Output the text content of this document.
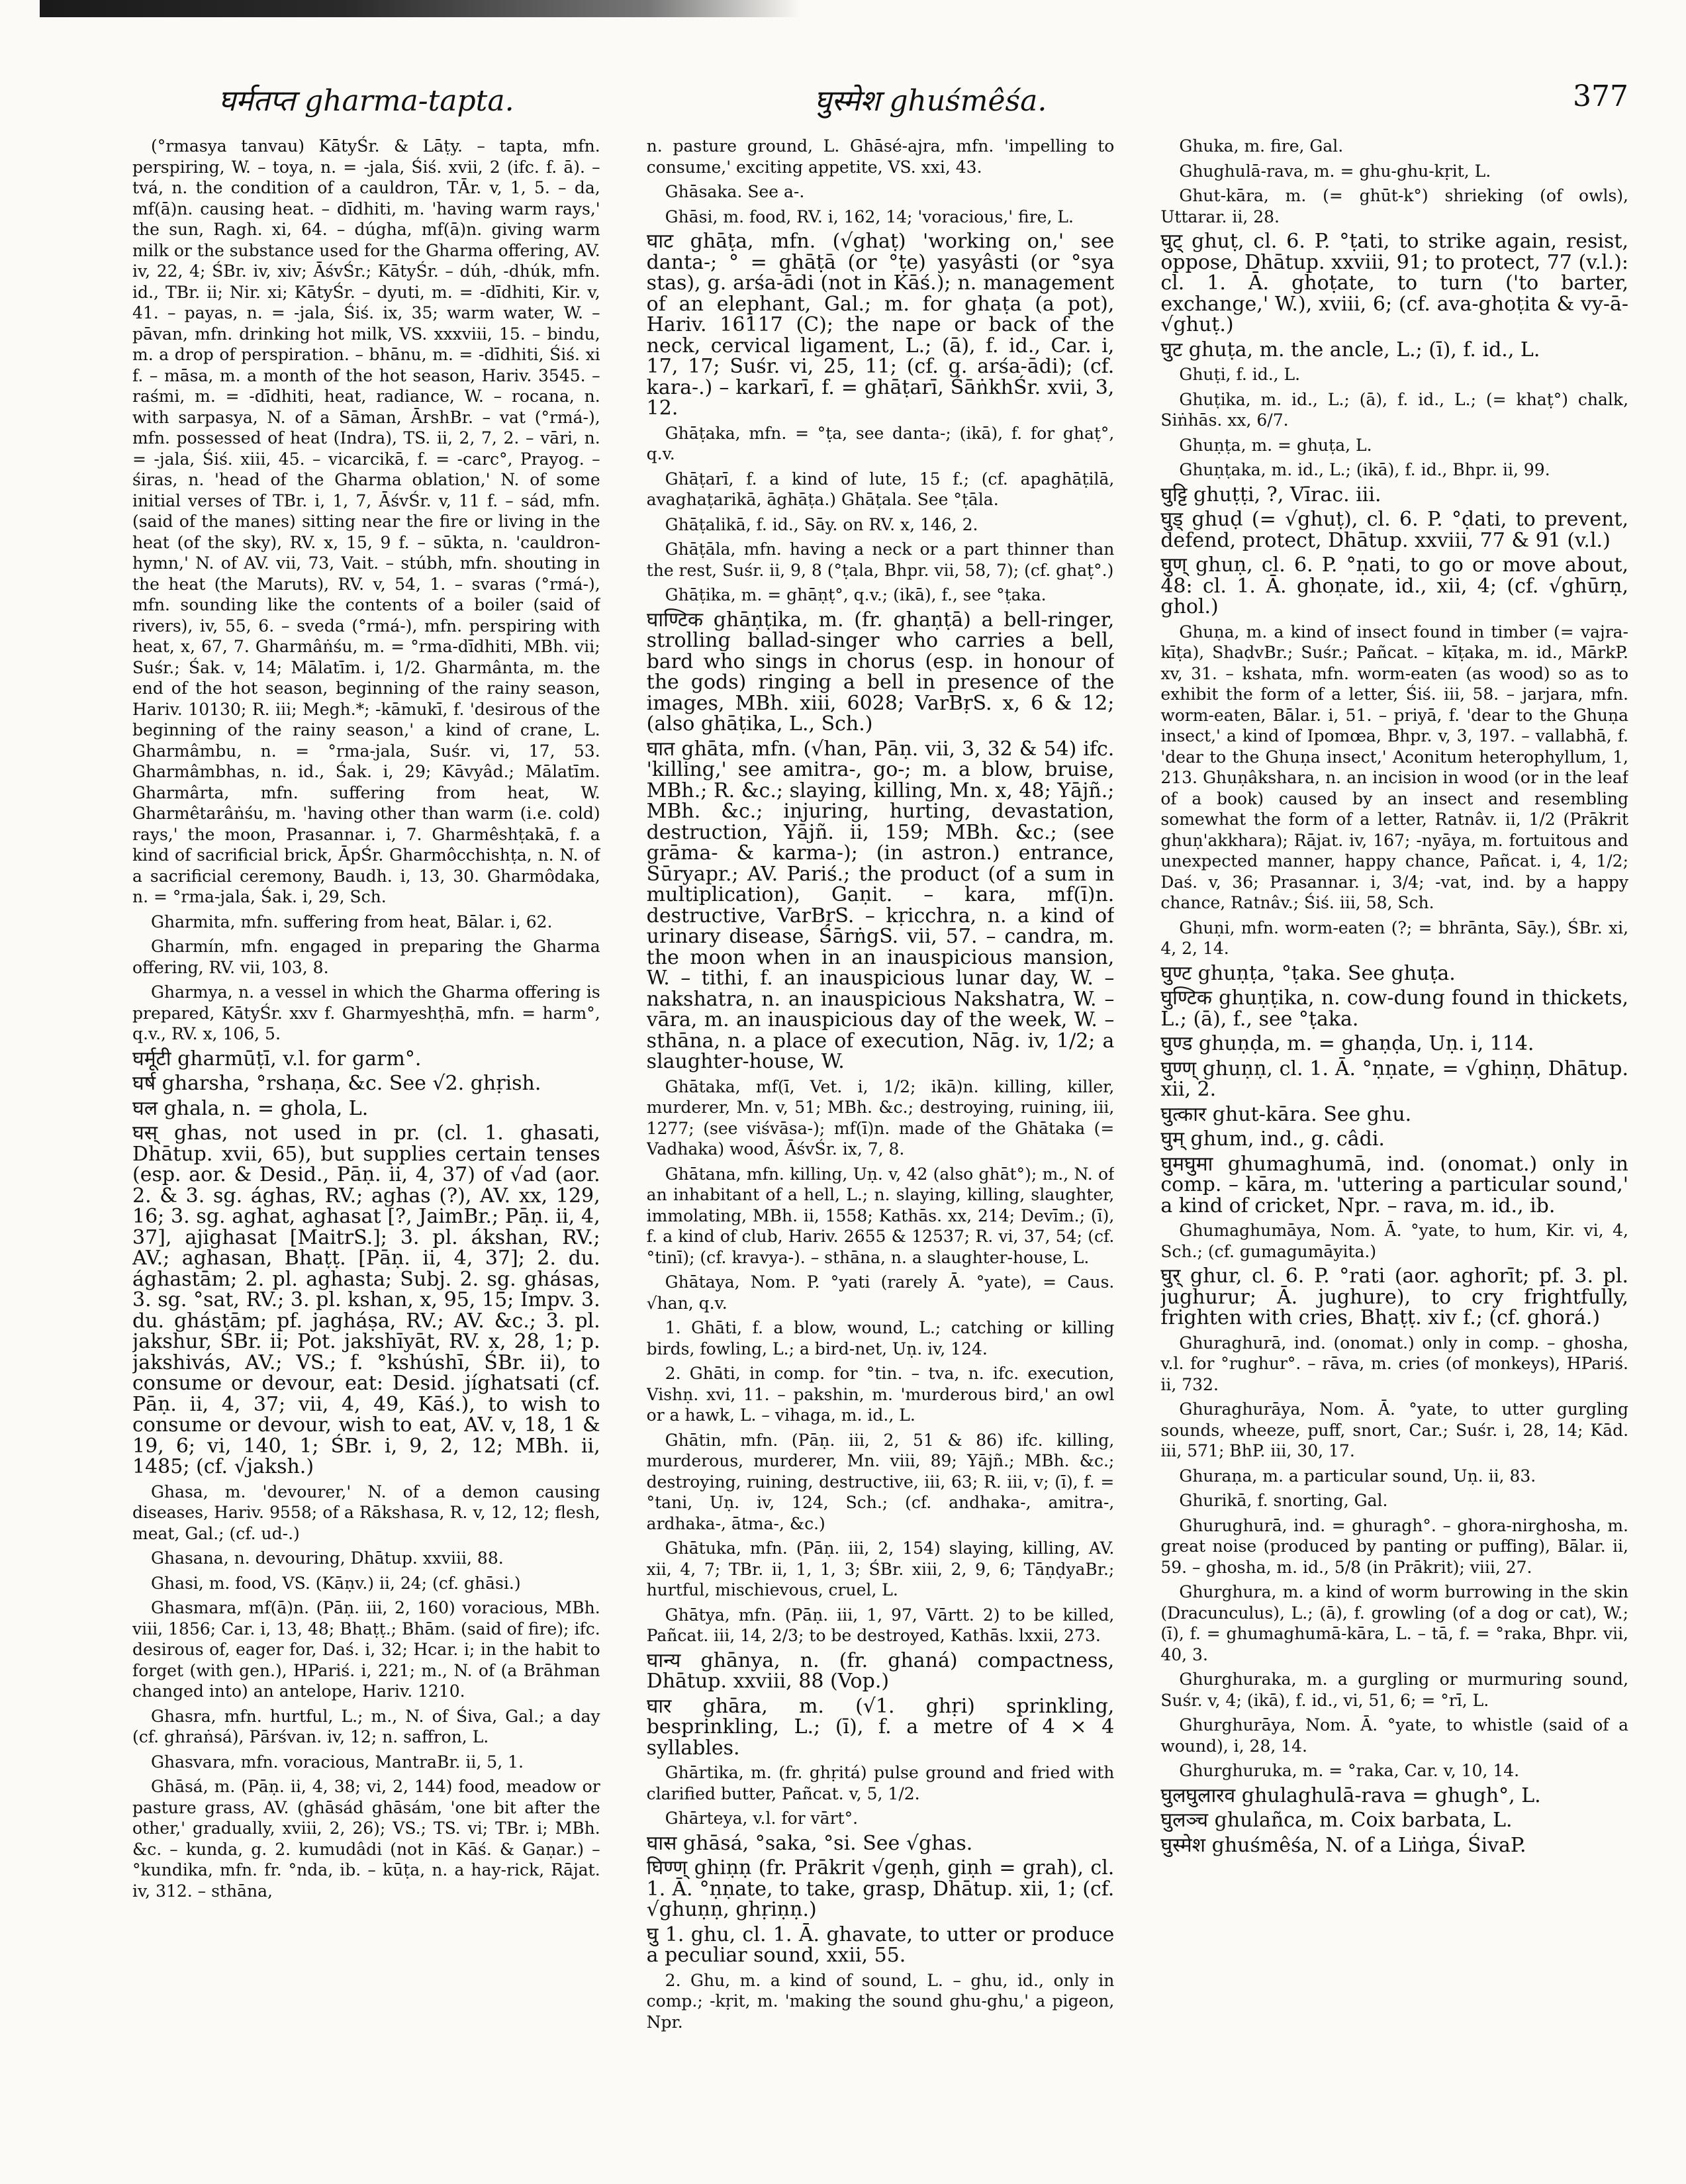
घर्मतप्त gharma-tapta.	घुस्मेश ghuśmêśa.	377

(°rmasya tanvau) KātyŚr. & Lāṭy. – tapta, mfn. perspiring, W. – toya, n. = -jala, Śiś. xvii, 2 (ifc. f. ā). – tvá, n. the condition of a cauldron, TĀr. v, 1, 5. – da, mf(ā)n. causing heat. – dīdhiti, m. 'having warm rays,' the sun, Ragh. xi, 64. – dúgha, mf(ā)n. giving warm milk or the substance used for the Gharma offering, AV. iv, 22, 4; ŚBr. iv, xiv; ĀśvŚr.; KātyŚr. – dúh, -dhúk, mfn. id., TBr. ii; Nir. xi; KātyŚr. – dyuti, m. = -dīdhiti, Kir. v, 41. – payas, n. = -jala, Śiś. ix, 35; warm water, W. – pāvan, mfn. drinking hot milk, VS. xxxviii, 15. – bindu, m. a drop of perspiration. – bhānu, m. = -dīdhiti, Śiś. xi f. – māsa, m. a month of the hot season, Hariv. 3545. – raśmi, m. = -dīdhiti, heat, radiance, W. – rocana, n. with sarpasya, N. of a Sāman, ĀrshBr. – vat (°rmá-), mfn. possessed of heat (Indra), TS. ii, 2, 7, 2. – vāri, n. = -jala, Śiś. xiii, 45. – vicarcikā, f. = -carc°, Prayog. – śiras, n. 'head of the Gharma oblation,' N. of some initial verses of TBr. i, 1, 7, ĀśvŚr. v, 11 f. – sád, mfn. (said of the manes) sitting near the fire or living in the heat (of the sky), RV. x, 15, 9 f. – sūkta, n. 'cauldron-hymn,' N. of AV. vii, 73, Vait. – stúbh, mfn. shouting in the heat (the Maruts), RV. v, 54, 1. – svaras (°rmá-), mfn. sounding like the contents of a boiler (said of rivers), iv, 55, 6. – sveda (°rmá-), mfn. perspiring with heat, x, 67, 7. Gharmâṅśu, m. = °rma-dīdhiti, MBh. vii; Suśr.; Śak. v, 14; Mālatīm. i, 1/2. Gharmânta, m. the end of the hot season, beginning of the rainy season, Hariv. 10130; R. iii; Megh.*; -kāmukī, f. 'desirous of the beginning of the rainy season,' a kind of crane, L. Gharmâmbu, n. = °rma-jala, Suśr. vi, 17, 53. Gharmâmbhas, n. id., Śak. i, 29; Kāvyâd.; Mālatīm. Gharmârta, mfn. suffering from heat, W. Gharmêtarâṅśu, m. 'having other than warm (i.e. cold) rays,' the moon, Prasannar. i, 7. Gharmêshṭakā, f. a kind of sacrificial brick, ĀpŚr. Gharmôcchishṭa, n. N. of a sacrificial ceremony, Baudh. i, 13, 30. Gharmôdaka, n. = °rma-jala, Śak. i, 29, Sch.

Gharmita, mfn. suffering from heat, Bālar. i, 62.

Gharmín, mfn. engaged in preparing the Gharma offering, RV. vii, 103, 8.

Gharmya, n. a vessel in which the Gharma offering is prepared, KātyŚr. xxv f. Gharmyeshṭhā, mfn. = harm°, q.v., RV. x, 106, 5.

घर्मूटी gharmūṭī, v.l. for garm°.

घर्ष gharsha, °rshaṇa, &c. See √2. ghṛish.

घल ghala, n. = ghola, L.

घस् ghas, not used in pr. (cl. 1. ghasati, Dhātup. xvii, 65), but supplies certain tenses (esp. aor. & Desid., Pāṇ. ii, 4, 37) of √ad (aor. 2. & 3. sg. ághas, RV.; aghas (?), AV. xx, 129, 16; 3. sg. aghat, aghasat [?, JaimBr.; Pāṇ. ii, 4, 37], ajighasat [MaitrS.]; 3. pl. ákshan, RV.; AV.; aghasan, Bhaṭṭ. [Pāṇ. ii, 4, 37]; 2. du. ághastām; 2. pl. aghasta; Subj. 2. sg. ghásas, 3. sg. °sat, RV.; 3. pl. kshan, x, 95, 15; Impv. 3. du. ghástām; pf. jagháṣa, RV.; AV. &c.; 3. pl. jakshur, ŚBr. ii; Pot. jakshīyāt, RV. x, 28, 1; p. jakshivás, AV.; VS.; f. °kshúshī, ŚBr. ii), to consume or devour, eat: Desid. jíghatsati (cf. Pāṇ. ii, 4, 37; vii, 4, 49, Kāś.), to wish to consume or devour, wish to eat, AV. v, 18, 1 & 19, 6; vi, 140, 1; ŚBr. i, 9, 2, 12; MBh. ii, 1485; (cf. √jaksh.)

Ghasa, m. 'devourer,' N. of a demon causing diseases, Hariv. 9558; of a Rākshasa, R. v, 12, 12; flesh, meat, Gal.; (cf. ud-.)

Ghasana, n. devouring, Dhātup. xxviii, 88.

Ghasi, m. food, VS. (Kāṇv.) ii, 24; (cf. ghāsi.)

Ghasmara, mf(ā)n. (Pāṇ. iii, 2, 160) voracious, MBh. viii, 1856; Car. i, 13, 48; Bhaṭṭ.; Bhām. (said of fire); ifc. desirous of, eager for, Daś. i, 32; Hcar. i; in the habit to forget (with gen.), HPariś. i, 221; m., N. of (a Brāhman changed into) an antelope, Hariv. 1210.

Ghasra, mfn. hurtful, L.; m., N. of Śiva, Gal.; a day (cf. ghraṅsá), Pārśvan. iv, 12; n. saffron, L.

Ghasvara, mfn. voracious, MantraBr. ii, 5, 1.

Ghāsá, m. (Pāṇ. ii, 4, 38; vi, 2, 144) food, meadow or pasture grass, AV. (ghāsád ghāsám, 'one bit after the other,' gradually, xviii, 2, 26); VS.; TS. vi; TBr. i; MBh. &c. – kunda, g. 2. kumudâdi (not in Kāś. & Gaṇar.) – °kundika, mfn. fr. °nda, ib. – kūṭa, n. a hay-rick, Rājat. iv, 312. – sthāna,

n. pasture ground, L. Ghāsé-ajra, mfn. 'impelling to consume,' exciting appetite, VS. xxi, 43.

Ghāsaka. See a-.

Ghāsi, m. food, RV. i, 162, 14; 'voracious,' fire, L.

घाट ghāṭa, mfn. (√ghaṭ) 'working on,' see danta-; ° = ghāṭā (or °ṭe) yasyâsti (or °sya stas), g. arśa-ādi (not in Kāś.); n. management of an elephant, Gal.; m. for ghaṭa (a pot), Hariv. 16117 (C); the nape or back of the neck, cervical ligament, L.; (ā), f. id., Car. i, 17, 17; Suśr. vi, 25, 11; (cf. g. arśa-ādi); (cf. kara-.) – karkarī, f. = ghāṭarī, ŚāṅkhŚr. xvii, 3, 12.

Ghāṭaka, mfn. = °ṭa, see danta-; (ikā), f. for ghaṭ°, q.v.

Ghāṭarī, f. a kind of lute, 15 f.; (cf. apaghāṭilā, avaghaṭarikā, āghāṭa.) Ghāṭala. See °ṭāla.

Ghāṭalikā, f. id., Sāy. on RV. x, 146, 2.

Ghāṭāla, mfn. having a neck or a part thinner than the rest, Suśr. ii, 9, 8 (°ṭala, Bhpr. vii, 58, 7); (cf. ghaṭ°.)

Ghāṭika, m. = ghāṇṭ°, q.v.; (ikā), f., see °ṭaka.

घाण्टिक ghāṇṭika, m. (fr. ghaṇṭā) a bell-ringer, strolling ballad-singer who carries a bell, bard who sings in chorus (esp. in honour of the gods) ringing a bell in presence of the images, MBh. xiii, 6028; VarBṛS. x, 6 & 12; (also ghāṭika, L., Sch.)

घात ghāta, mfn. (√han, Pāṇ. vii, 3, 32 & 54) ifc. 'killing,' see amitra-, go-; m. a blow, bruise, MBh.; R. &c.; slaying, killing, Mn. x, 48; Yājñ.; MBh. &c.; injuring, hurting, devastation, destruction, Yājñ. ii, 159; MBh. &c.; (see grāma- & karma-); (in astron.) entrance, Sūryapr.; AV. Pariś.; the product (of a sum in multiplication), Gaṇit. – kara, mf(ī)n. destructive, VarBṛS. – kṛicchra, n. a kind of urinary disease, ŚārṅgS. vii, 57. – candra, m. the moon when in an inauspicious mansion, W. – tithi, f. an inauspicious lunar day, W. – nakshatra, n. an inauspicious Nakshatra, W. – vāra, m. an inauspicious day of the week, W. – sthāna, n. a place of execution, Nāg. iv, 1/2; a slaughter-house, W.

Ghātaka, mf(ī, Vet. i, 1/2; ikā)n. killing, killer, murderer, Mn. v, 51; MBh. &c.; destroying, ruining, iii, 1277; (see viśvāsa-); mf(ī)n. made of the Ghātaka (= Vadhaka) wood, ĀśvŚr. ix, 7, 8.

Ghātana, mfn. killing, Uṇ. v, 42 (also ghāt°); m., N. of an inhabitant of a hell, L.; n. slaying, killing, slaughter, immolating, MBh. ii, 1558; Kathās. xx, 214; Devīm.; (ī), f. a kind of club, Hariv. 2655 & 12537; R. vi, 37, 54; (cf. °tinī); (cf. kravya-). – sthāna, n. a slaughter-house, L.

Ghātaya, Nom. P. °yati (rarely Ā. °yate), = Caus. √han, q.v.

1. Ghāti, f. a blow, wound, L.; catching or killing birds, fowling, L.; a bird-net, Uṇ. iv, 124.

2. Ghāti, in comp. for °tin. – tva, n. ifc. execution, Vishṇ. xvi, 11. – pakshin, m. 'murderous bird,' an owl or a hawk, L. – vihaga, m. id., L.

Ghātin, mfn. (Pāṇ. iii, 2, 51 & 86) ifc. killing, murderous, murderer, Mn. viii, 89; Yājñ.; MBh. &c.; destroying, ruining, destructive, iii, 63; R. iii, v; (ī), f. = °tani, Uṇ. iv, 124, Sch.; (cf. andhaka-, amitra-, ardhaka-, ātma-, &c.)

Ghātuka, mfn. (Pāṇ. iii, 2, 154) slaying, killing, AV. xii, 4, 7; TBr. ii, 1, 1, 3; ŚBr. xiii, 2, 9, 6; TāṇḍyaBr.; hurtful, mischievous, cruel, L.

Ghātya, mfn. (Pāṇ. iii, 1, 97, Vārtt. 2) to be killed, Pañcat. iii, 14, 2/3; to be destroyed, Kathās. lxxii, 273.

घान्य ghānya, n. (fr. ghaná) compactness, Dhātup. xxviii, 88 (Vop.)

घार ghāra, m. (√1. ghṛi) sprinkling, besprinkling, L.; (ī), f. a metre of 4 × 4 syllables.

Ghārtika, m. (fr. ghṛitá) pulse ground and fried with clarified butter, Pañcat. v, 5, 1/2.

Ghārteya, v.l. for vārt°.

घास ghāsá, °saka, °si. See √ghas.

घिण्ण् ghiṇṇ (fr. Prākrit √geṇh, giṇh = grah), cl. 1. Ā. °ṇṇate, to take, grasp, Dhātup. xii, 1; (cf. √ghuṇṇ, ghṛiṇṇ.)

घु 1. ghu, cl. 1. Ā. ghavate, to utter or produce a peculiar sound, xxii, 55.

2. Ghu, m. a kind of sound, L. – ghu, id., only in comp.; -kṛit, m. 'making the sound ghu-ghu,' a pigeon, Npr.

Ghuka, m. fire, Gal.

Ghughulā-rava, m. = ghu-ghu-kṛit, L.

Ghut-kāra, m. (= ghūt-k°) shrieking (of owls), Uttarar. ii, 28.

घुट् ghuṭ, cl. 6. P. °ṭati, to strike again, resist, oppose, Dhātup. xxviii, 91; to protect, 77 (v.l.): cl. 1. Ā. ghoṭate, to turn ('to barter, exchange,' W.), xviii, 6; (cf. ava-ghoṭita & vy-ā-√ghuṭ.)

घुट ghuṭa, m. the ancle, L.; (ī), f. id., L.

Ghuṭi, f. id., L.

Ghuṭika, m. id., L.; (ā), f. id., L.; (= khaṭ°) chalk, Siṅhās. xx, 6/7.

Ghuṇṭa, m. = ghuṭa, L.

Ghuṇṭaka, m. id., L.; (ikā), f. id., Bhpr. ii, 99.

घुट्टि ghuṭṭi, ?, Vīrac. iii.

घुड् ghuḍ (= √ghuṭ), cl. 6. P. °ḍati, to prevent, defend, protect, Dhātup. xxviii, 77 & 91 (v.l.)

घुण् ghuṇ, cl. 6. P. °ṇati, to go or move about, 48: cl. 1. Ā. ghoṇate, id., xii, 4; (cf. √ghūrṇ, ghol.)

Ghuṇa, m. a kind of insect found in timber (= vajra-kīṭa), ShaḍvBr.; Suśr.; Pañcat. – kīṭaka, m. id., MārkP. xv, 31. – kshata, mfn. worm-eaten (as wood) so as to exhibit the form of a letter, Śiś. iii, 58. – jarjara, mfn. worm-eaten, Bālar. i, 51. – priyā, f. 'dear to the Ghuṇa insect,' a kind of Ipomœa, Bhpr. v, 3, 197. – vallabhā, f. 'dear to the Ghuṇa insect,' Aconitum heterophyllum, 1, 213. Ghuṇâkshara, n. an incision in wood (or in the leaf of a book) caused by an insect and resembling somewhat the form of a letter, Ratnâv. ii, 1/2 (Prākrit ghuṇ'akkhara); Rājat. iv, 167; -nyāya, m. fortuitous and unexpected manner, happy chance, Pañcat. i, 4, 1/2; Daś. v, 36; Prasannar. i, 3/4; -vat, ind. by a happy chance, Ratnâv.; Śiś. iii, 58, Sch.

Ghuṇi, mfn. worm-eaten (?; = bhrānta, Sāy.), ŚBr. xi, 4, 2, 14.

घुण्ट ghuṇṭa, °ṭaka. See ghuṭa.

घुण्टिक ghuṇṭika, n. cow-dung found in thickets, L.; (ā), f., see °ṭaka.

घुण्ड ghuṇḍa, m. = ghaṇḍa, Uṇ. i, 114.

घुण्ण् ghuṇṇ, cl. 1. Ā. °ṇṇate, = √ghiṇṇ, Dhātup. xii, 2.

घुत्कार ghut-kāra. See ghu.

घुम् ghum, ind., g. câdi.

घुमघुमा ghumaghumā, ind. (onomat.) only in comp. – kāra, m. 'uttering a particular sound,' a kind of cricket, Npr. – rava, m. id., ib.

Ghumaghumāya, Nom. Ā. °yate, to hum, Kir. vi, 4, Sch.; (cf. gumagumāyita.)

घुर् ghur, cl. 6. P. °rati (aor. aghorīt; pf. 3. pl. jughurur; Ā. jughure), to cry frightfully, frighten with cries, Bhaṭṭ. xiv f.; (cf. ghorá.)

Ghuraghurā, ind. (onomat.) only in comp. – ghosha, v.l. for °rughur°. – rāva, m. cries (of monkeys), HPariś. ii, 732.

Ghuraghurāya, Nom. Ā. °yate, to utter gurgling sounds, wheeze, puff, snort, Car.; Suśr. i, 28, 14; Kād. iii, 571; BhP. iii, 30, 17.

Ghuraṇa, m. a particular sound, Uṇ. ii, 83.

Ghurikā, f. snorting, Gal.

Ghurughurā, ind. = ghuragh°. – ghora-nirghosha, m. great noise (produced by panting or puffing), Bālar. ii, 59. – ghosha, m. id., 5/8 (in Prākrit); viii, 27.

Ghurghura, m. a kind of worm burrowing in the skin (Dracunculus), L.; (ā), f. growling (of a dog or cat), W.; (ī), f. = ghumaghumā-kāra, L. – tā, f. = °raka, Bhpr. vii, 40, 3.

Ghurghuraka, m. a gurgling or murmuring sound, Suśr. v, 4; (ikā), f. id., vi, 51, 6; = °rī, L.

Ghurghurāya, Nom. Ā. °yate, to whistle (said of a wound), i, 28, 14.

Ghurghuruka, m. = °raka, Car. v, 10, 14.

घुलघुलारव ghulaghulā-rava = ghugh°, L.

घुलञ्च ghulañca, m. Coix barbata, L.

घुस्मेश ghuśmêśa, N. of a Liṅga, ŚivaP.
